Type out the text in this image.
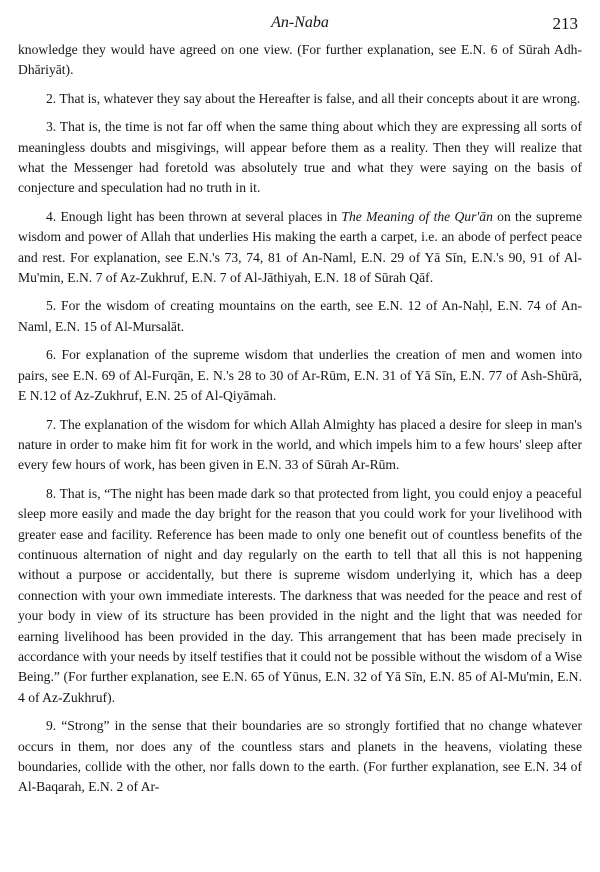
An-Naba	213

knowledge they would have agreed on one view. (For further explanation, see E.N. 6 of Sūrah Adh-Dhāriyāt).

2. That is, whatever they say about the Hereafter is false, and all their concepts about it are wrong.

3. That is, the time is not far off when the same thing about which they are expressing all sorts of meaningless doubts and misgivings, will appear before them as a reality. Then they will realize that what the Messenger had foretold was absolutely true and what they were saying on the basis of conjecture and speculation had no truth in it.

4. Enough light has been thrown at several places in The Meaning of the Qur'ān on the supreme wisdom and power of Allah that underlies His making the earth a carpet, i.e. an abode of perfect peace and rest. For explanation, see E.N.'s 73, 74, 81 of An-Naml, E.N. 29 of Yā Sīn, E.N.'s 90, 91 of Al-Mu'min, E.N. 7 of Az-Zukhruf, E.N. 7 of Al-Jāthiyah, E.N. 18 of Sūrah Qāf.

5. For the wisdom of creating mountains on the earth, see E.N. 12 of An-Naḥl, E.N. 74 of An-Naml, E.N. 15 of Al-Mursalāt.

6. For explanation of the supreme wisdom that underlies the creation of men and women into pairs, see E.N. 69 of Al-Furqān, E. N.'s 28 to 30 of Ar-Rūm, E.N. 31 of Yā Sīn, E.N. 77 of Ash-Shūrā, E N.12 of Az-Zukhruf, E.N. 25 of Al-Qiyāmah.

7. The explanation of the wisdom for which Allah Almighty has placed a desire for sleep in man's nature in order to make him fit for work in the world, and which impels him to a few hours' sleep after every few hours of work, has been given in E.N. 33 of Sūrah Ar-Rūm.

8. That is, “The night has been made dark so that protected from light, you could enjoy a peaceful sleep more easily and made the day bright for the reason that you could work for your livelihood with greater ease and facility. Reference has been made to only one benefit out of countless benefits of the continuous alternation of night and day regularly on the earth to tell that all this is not happening without a purpose or accidentally, but there is supreme wisdom underlying it, which has a deep connection with your own immediate interests. The darkness that was needed for the peace and rest of your body in view of its structure has been provided in the night and the light that was needed for earning livelihood has been provided in the day. This arrangement that has been made precisely in accordance with your needs by itself testifies that it could not be possible without the wisdom of a Wise Being.” (For further explanation, see E.N. 65 of Yūnus, E.N. 32 of Yā Sīn, E.N. 85 of Al-Mu'min, E.N. 4 of Az-Zukhruf).

9. “Strong” in the sense that their boundaries are so strongly fortified that no change whatever occurs in them, nor does any of the countless stars and planets in the heavens, violating these boundaries, collide with the other, nor falls down to the earth. (For further explanation, see E.N. 34 of Al-Baqarah, E.N. 2 of Ar-
